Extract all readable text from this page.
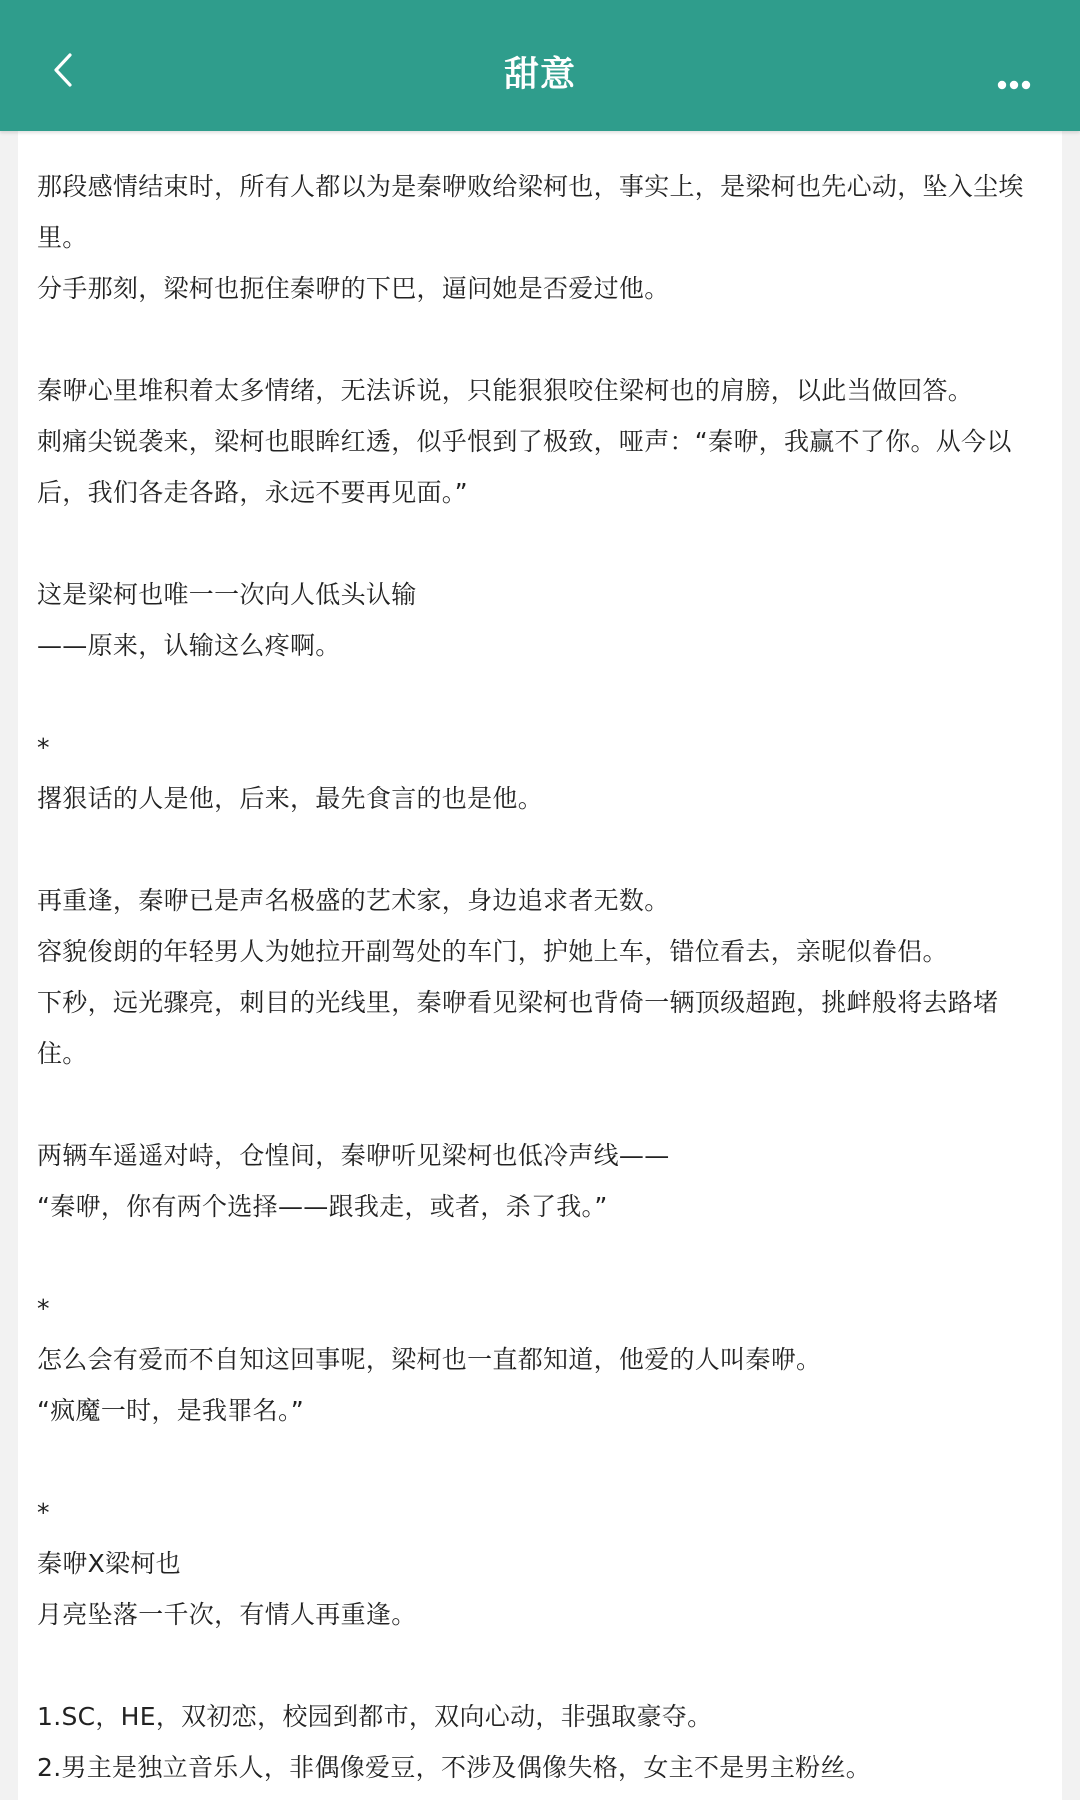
甜意

那段感情结束时，所有人都以为是秦咿败给梁柯也，事实上，是梁柯也先心动，坠入尘埃里。

分手那刻，梁柯也扼住秦咿的下巴，逼问她是否爱过他。

秦咿心里堆积着太多情绪，无法诉说，只能狠狠咬住梁柯也的肩膀，以此当做回答。

刺痛尖锐袭来，梁柯也眼眸红透，似乎恨到了极致，哑声：“秦咿，我赢不了你。从今以后，我们各走各路，永远不要再见面。”

这是梁柯也唯一一次向人低头认输

——原来，认输这么疼啊。

*

撂狠话的人是他，后来，最先食言的也是他。

再重逢，秦咿已是声名极盛的艺术家，身边追求者无数。

容貌俊朗的年轻男人为她拉开副驾处的车门，护她上车，错位看去，亲昵似眷侣。

下秒，远光骤亮，刺目的光线里，秦咿看见梁柯也背倚一辆顶级超跑，挑衅般将去路堵住。

两辆车遥遥对峙，仓惶间，秦咿听见梁柯也低冷声线——

“秦咿，你有两个选择——跟我走，或者，杀了我。”

*

怎么会有爱而不自知这回事呢，梁柯也一直都知道，他爱的人叫秦咿。

“疯魔一时，是我罪名。”

*

秦咿X梁柯也

月亮坠落一千次，有情人再重逢。

1.SC，HE，双初恋，校园到都市，双向心动，非强取豪夺。

2.男主是独立音乐人，非偶像爱豆，不涉及偶像失格，女主不是男主粉丝。
